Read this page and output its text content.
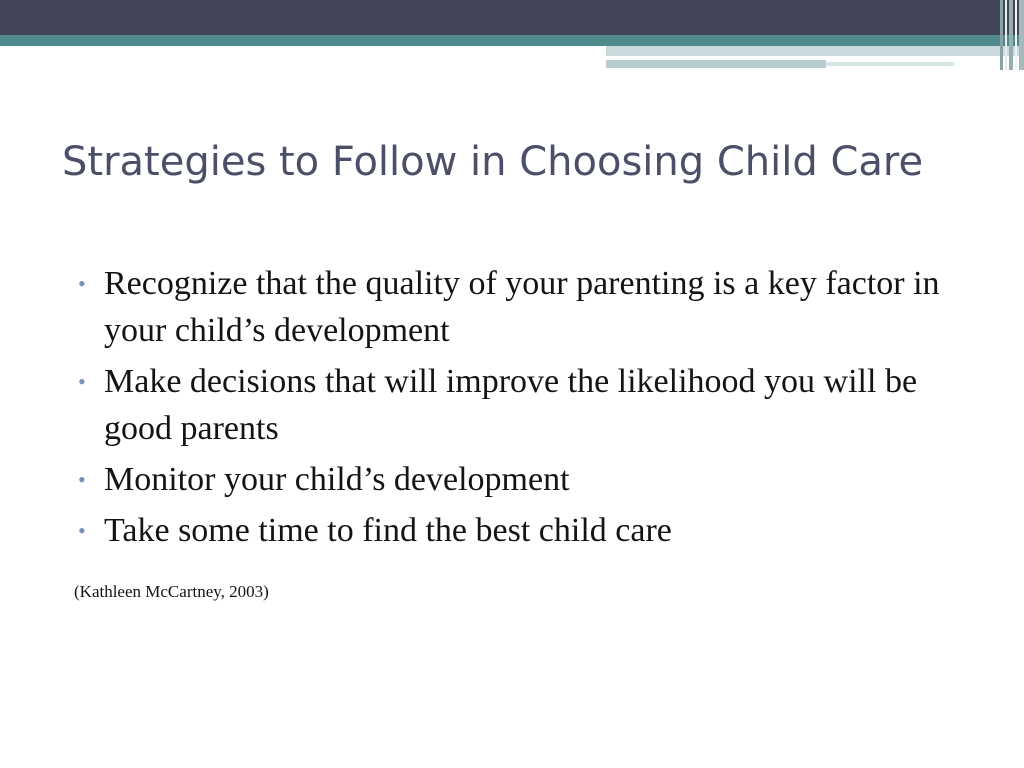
Strategies to Follow in Choosing Child Care
• Recognize that the quality of your parenting is a key factor in your child’s development
• Make decisions that will improve the likelihood you will be good parents
• Monitor your child’s development
• Take some time to find the best child care

(Kathleen McCartney, 2003)
